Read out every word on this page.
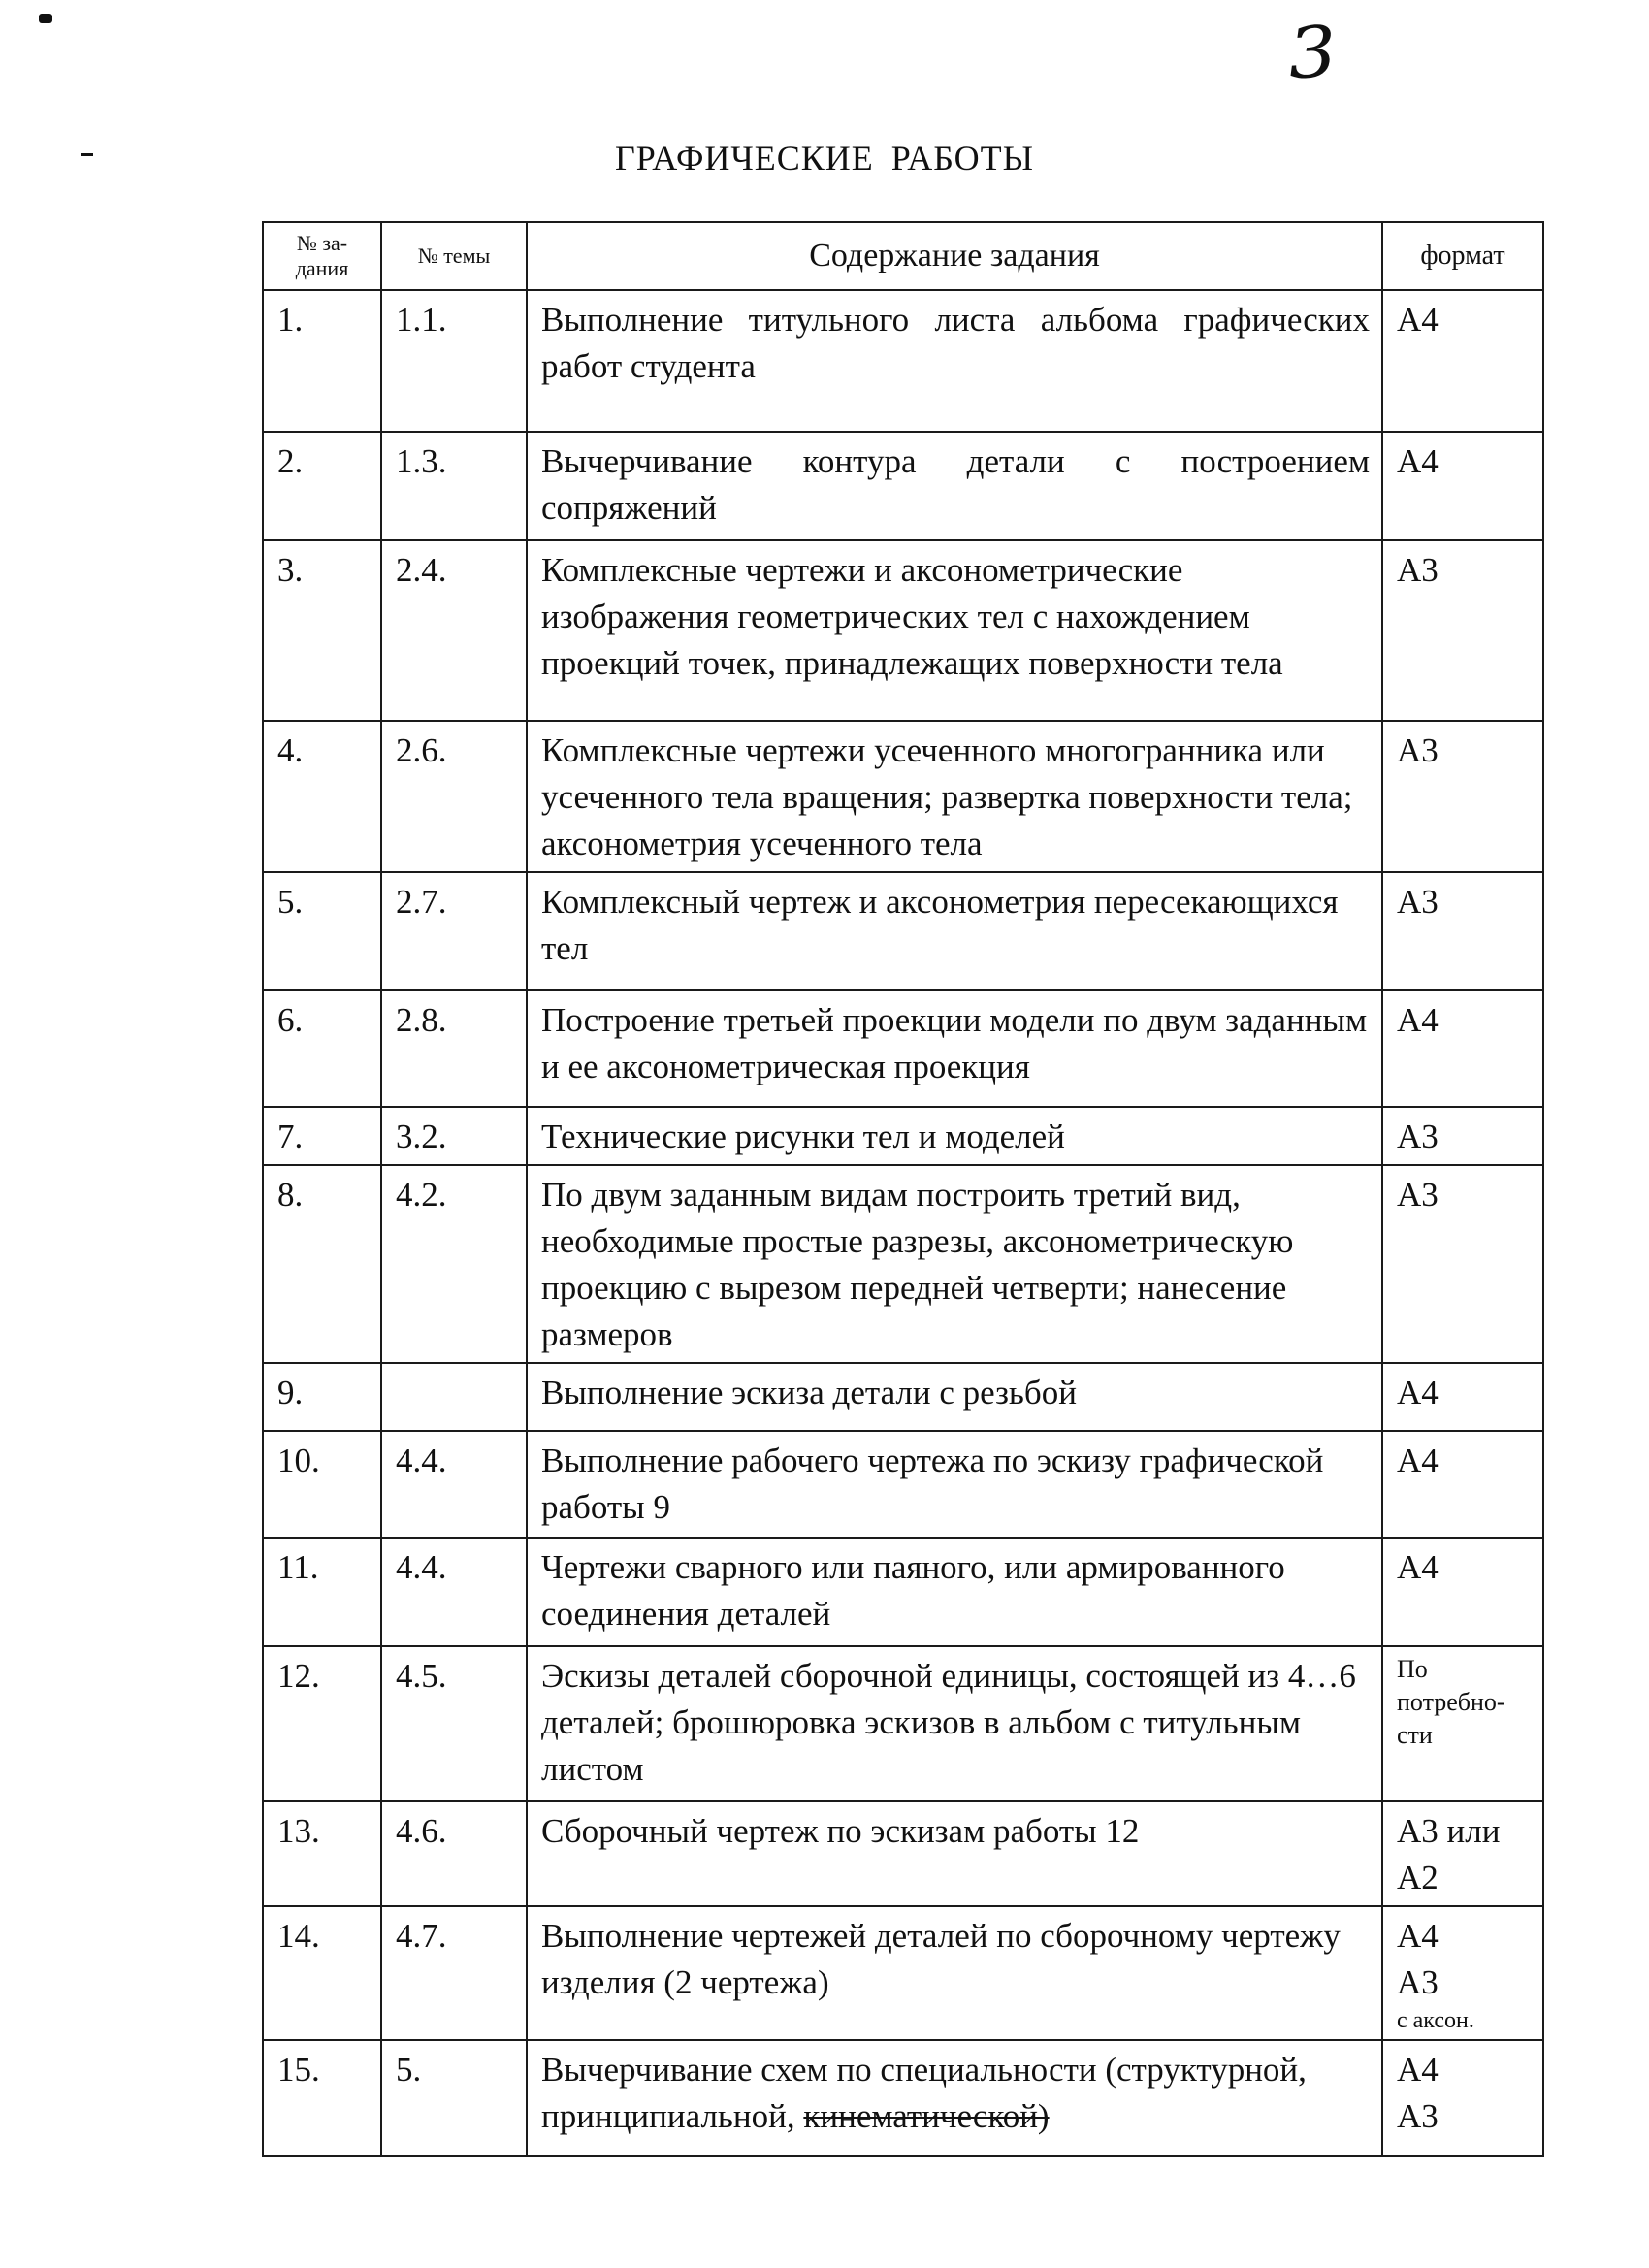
3
ГРАФИЧЕСКИЕ РАБОТЫ
№ за-
дания	№ темы	Содержание задания	формат
1.	1.1.	Выполнение титульного листа альбома графических работ студента	А4

2.	1.3.	Вычерчивание контура детали с построением сопряжений	А4

3.	2.4.	Комплексные чертежи и аксонометрические изображения геометрических тел с нахождением проекций точек, принадлежащих поверхности тела	А3

4.	2.6.	Комплексные чертежи усеченного многогранника или усеченного тела вращения; развертка поверхности тела; аксонометрия усеченного тела	А3

5.	2.7.	Комплексный чертеж и аксонометрия пересекающихся тел	А3

6.	2.8.	Построение третьей проекции модели по двум заданным и ее аксонометрическая проекция	А4

7.	3.2.	Технические рисунки тел и моделей	А3

8.	4.2.	По двум заданным видам построить третий вид, необходимые простые разрезы, аксонометрическую проекцию с вырезом передней четверти; нанесение размеров	А3

9.		Выполнение эскиза детали с резьбой	А4

10.	4.4.	Выполнение рабочего чертежа по эскизу графической работы 9	А4

11.	4.4.	Чертежи сварного или паяного, или армированного соединения деталей	А4

12.	4.5.	Эскизы деталей сборочной единицы, состоящей из 4…6 деталей; брошюровка эскизов в альбом с титульным листом	По
потребно-
сти

13.	4.6.	Сборочный чертеж по эскизам работы 12	А3 или
А2

14.	4.7.	Выполнение чертежей деталей по сборочному чертежу изделия (2 чертежа)	А4
А3
с аксон.

15.	5.	Вычерчивание схем по специальности (структурной, принципиальной, кинематической)	А4
А3
